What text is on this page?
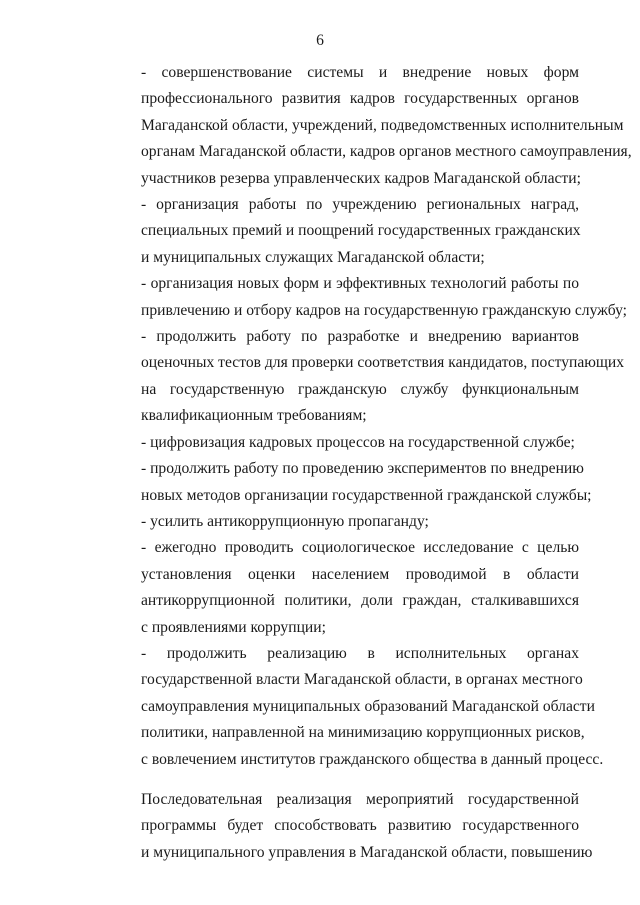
6

- совершенствование системы и внедрение новых форм
профессионального развития кадров государственных органов
Магаданской области, учреждений, подведомственных исполнительным
органам Магаданской области, кадров органов местного самоуправления,
участников резерва управленческих кадров Магаданской области;

- организация работы по учреждению региональных наград,
специальных премий и поощрений государственных гражданских
и муниципальных служащих Магаданской области;

- организация новых форм и эффективных технологий работы по
привлечению и отбору кадров на государственную гражданскую службу;

- продолжить работу по разработке и внедрению вариантов
оценочных тестов для проверки соответствия кандидатов, поступающих
на государственную гражданскую службу функциональным
квалификационным требованиям;

- цифровизация кадровых процессов на государственной службе;

- продолжить работу по проведению экспериментов по внедрению
новых методов организации государственной гражданской службы;

- усилить антикоррупционную пропаганду;

- ежегодно проводить социологическое исследование с целью
установления оценки населением проводимой в области
антикоррупционной политики, доли граждан, сталкивавшихся
с проявлениями коррупции;

- продолжить реализацию в исполнительных органах
государственной власти Магаданской области, в органах местного
самоуправления муниципальных образований Магаданской области
политики, направленной на минимизацию коррупционных рисков,
с вовлечением институтов гражданского общества в данный процесс.

Последовательная реализация мероприятий государственной
программы будет способствовать развитию государственного
и муниципального управления в Магаданской области, повышению
